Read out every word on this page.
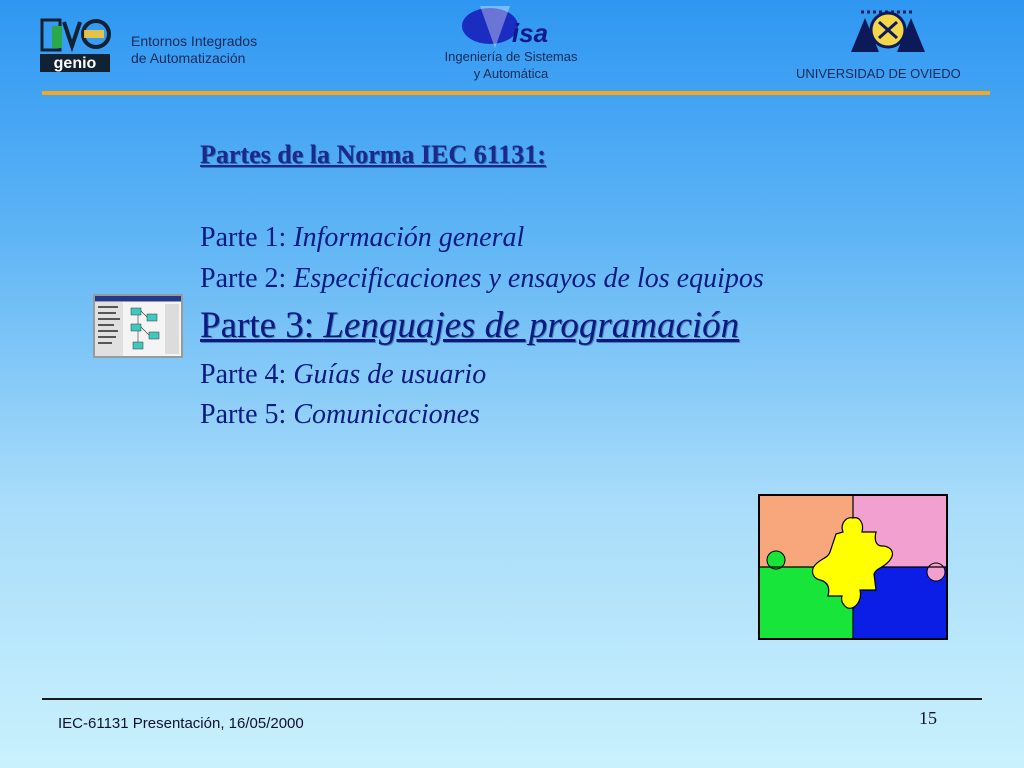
genio
Entornos Integrados
de Automatización
isa
Ingeniería de Sistemas
y Automática	UNIVERSIDAD DE OVIEDO
Partes de la Norma IEC 61131:
Parte 1: Información general
Parte 2: Especificaciones y ensayos de los equipos
Parte 3: Lenguajes de programación
Parte 4: Guías de usuario
Parte 5: Comunicaciones
IEC-61131 Presentación, 16/05/2000	15
